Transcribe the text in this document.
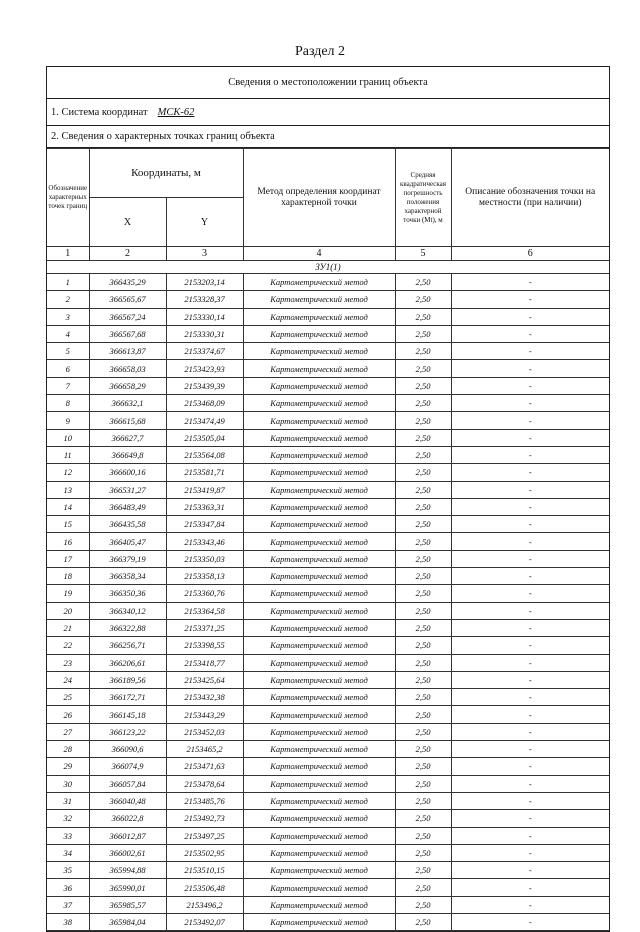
Раздел 2
Сведения о местоположении границ объекта
1. Система координат МСК-62
2. Сведения о характерных точках границ объекта
Обозначение характерных точек границ	Координаты, м		Метод определения координат характерной точки	Средняя квадратическая погрешность положения характерной точки (Мt), м	Описание обозначения точки на местности (при наличии)
	X	Y			
1	2	3	4	5	6
ЗУ1(1)					
1	366435,29	2153203,14	Картометрический метод	2,50	-
2	366565,67	2153328,37	Картометрический метод	2,50	-
3	366567,24	2153330,14	Картометрический метод	2,50	-
4	366567,68	2153330,31	Картометрический метод	2,50	-
5	366613,87	2153374,67	Картометрический метод	2,50	-
6	366658,03	2153423,93	Картометрический метод	2,50	-
7	366658,29	2153439,39	Картометрический метод	2,50	-
8	366632,1	2153468,09	Картометрический метод	2,50	-
9	366615,68	2153474,49	Картометрический метод	2,50	-
10	366627,7	2153505,04	Картометрический метод	2,50	-
11	366649,8	2153564,08	Картометрический метод	2,50	-
12	366600,16	2153581,71	Картометрический метод	2,50	-
13	366531,27	2153419,87	Картометрический метод	2,50	-
14	366483,49	2153363,31	Картометрический метод	2,50	-
15	366435,58	2153347,84	Картометрический метод	2,50	-
16	366405,47	2153343,46	Картометрический метод	2,50	-
17	366379,19	2153350,03	Картометрический метод	2,50	-
18	366358,34	2153358,13	Картометрический метод	2,50	-
19	366350,36	2153360,76	Картометрический метод	2,50	-
20	366340,12	2153364,58	Картометрический метод	2,50	-
21	366322,88	2153371,25	Картометрический метод	2,50	-
22	366256,71	2153398,55	Картометрический метод	2,50	-
23	366206,61	2153418,77	Картометрический метод	2,50	-
24	366189,56	2153425,64	Картометрический метод	2,50	-
25	366172,71	2153432,38	Картометрический метод	2,50	-
26	366145,18	2153443,29	Картометрический метод	2,50	-
27	366123,22	2153452,03	Картометрический метод	2,50	-
28	366090,6	2153465,2	Картометрический метод	2,50	-
29	366074,9	2153471,63	Картометрический метод	2,50	-
30	366057,84	2153478,64	Картометрический метод	2,50	-
31	366040,48	2153485,76	Картометрический метод	2,50	-
32	366022,8	2153492,73	Картометрический метод	2,50	-
33	366012,87	2153497,25	Картометрический метод	2,50	-
34	366002,61	2153502,95	Картометрический метод	2,50	-
35	365994,88	2153510,15	Картометрический метод	2,50	-
36	365990,01	2153506,48	Картометрический метод	2,50	-
37	365985,57	2153496,2	Картометрический метод	2,50	-
38	365984,04	2153492,07	Картометрический метод	2,50	-
